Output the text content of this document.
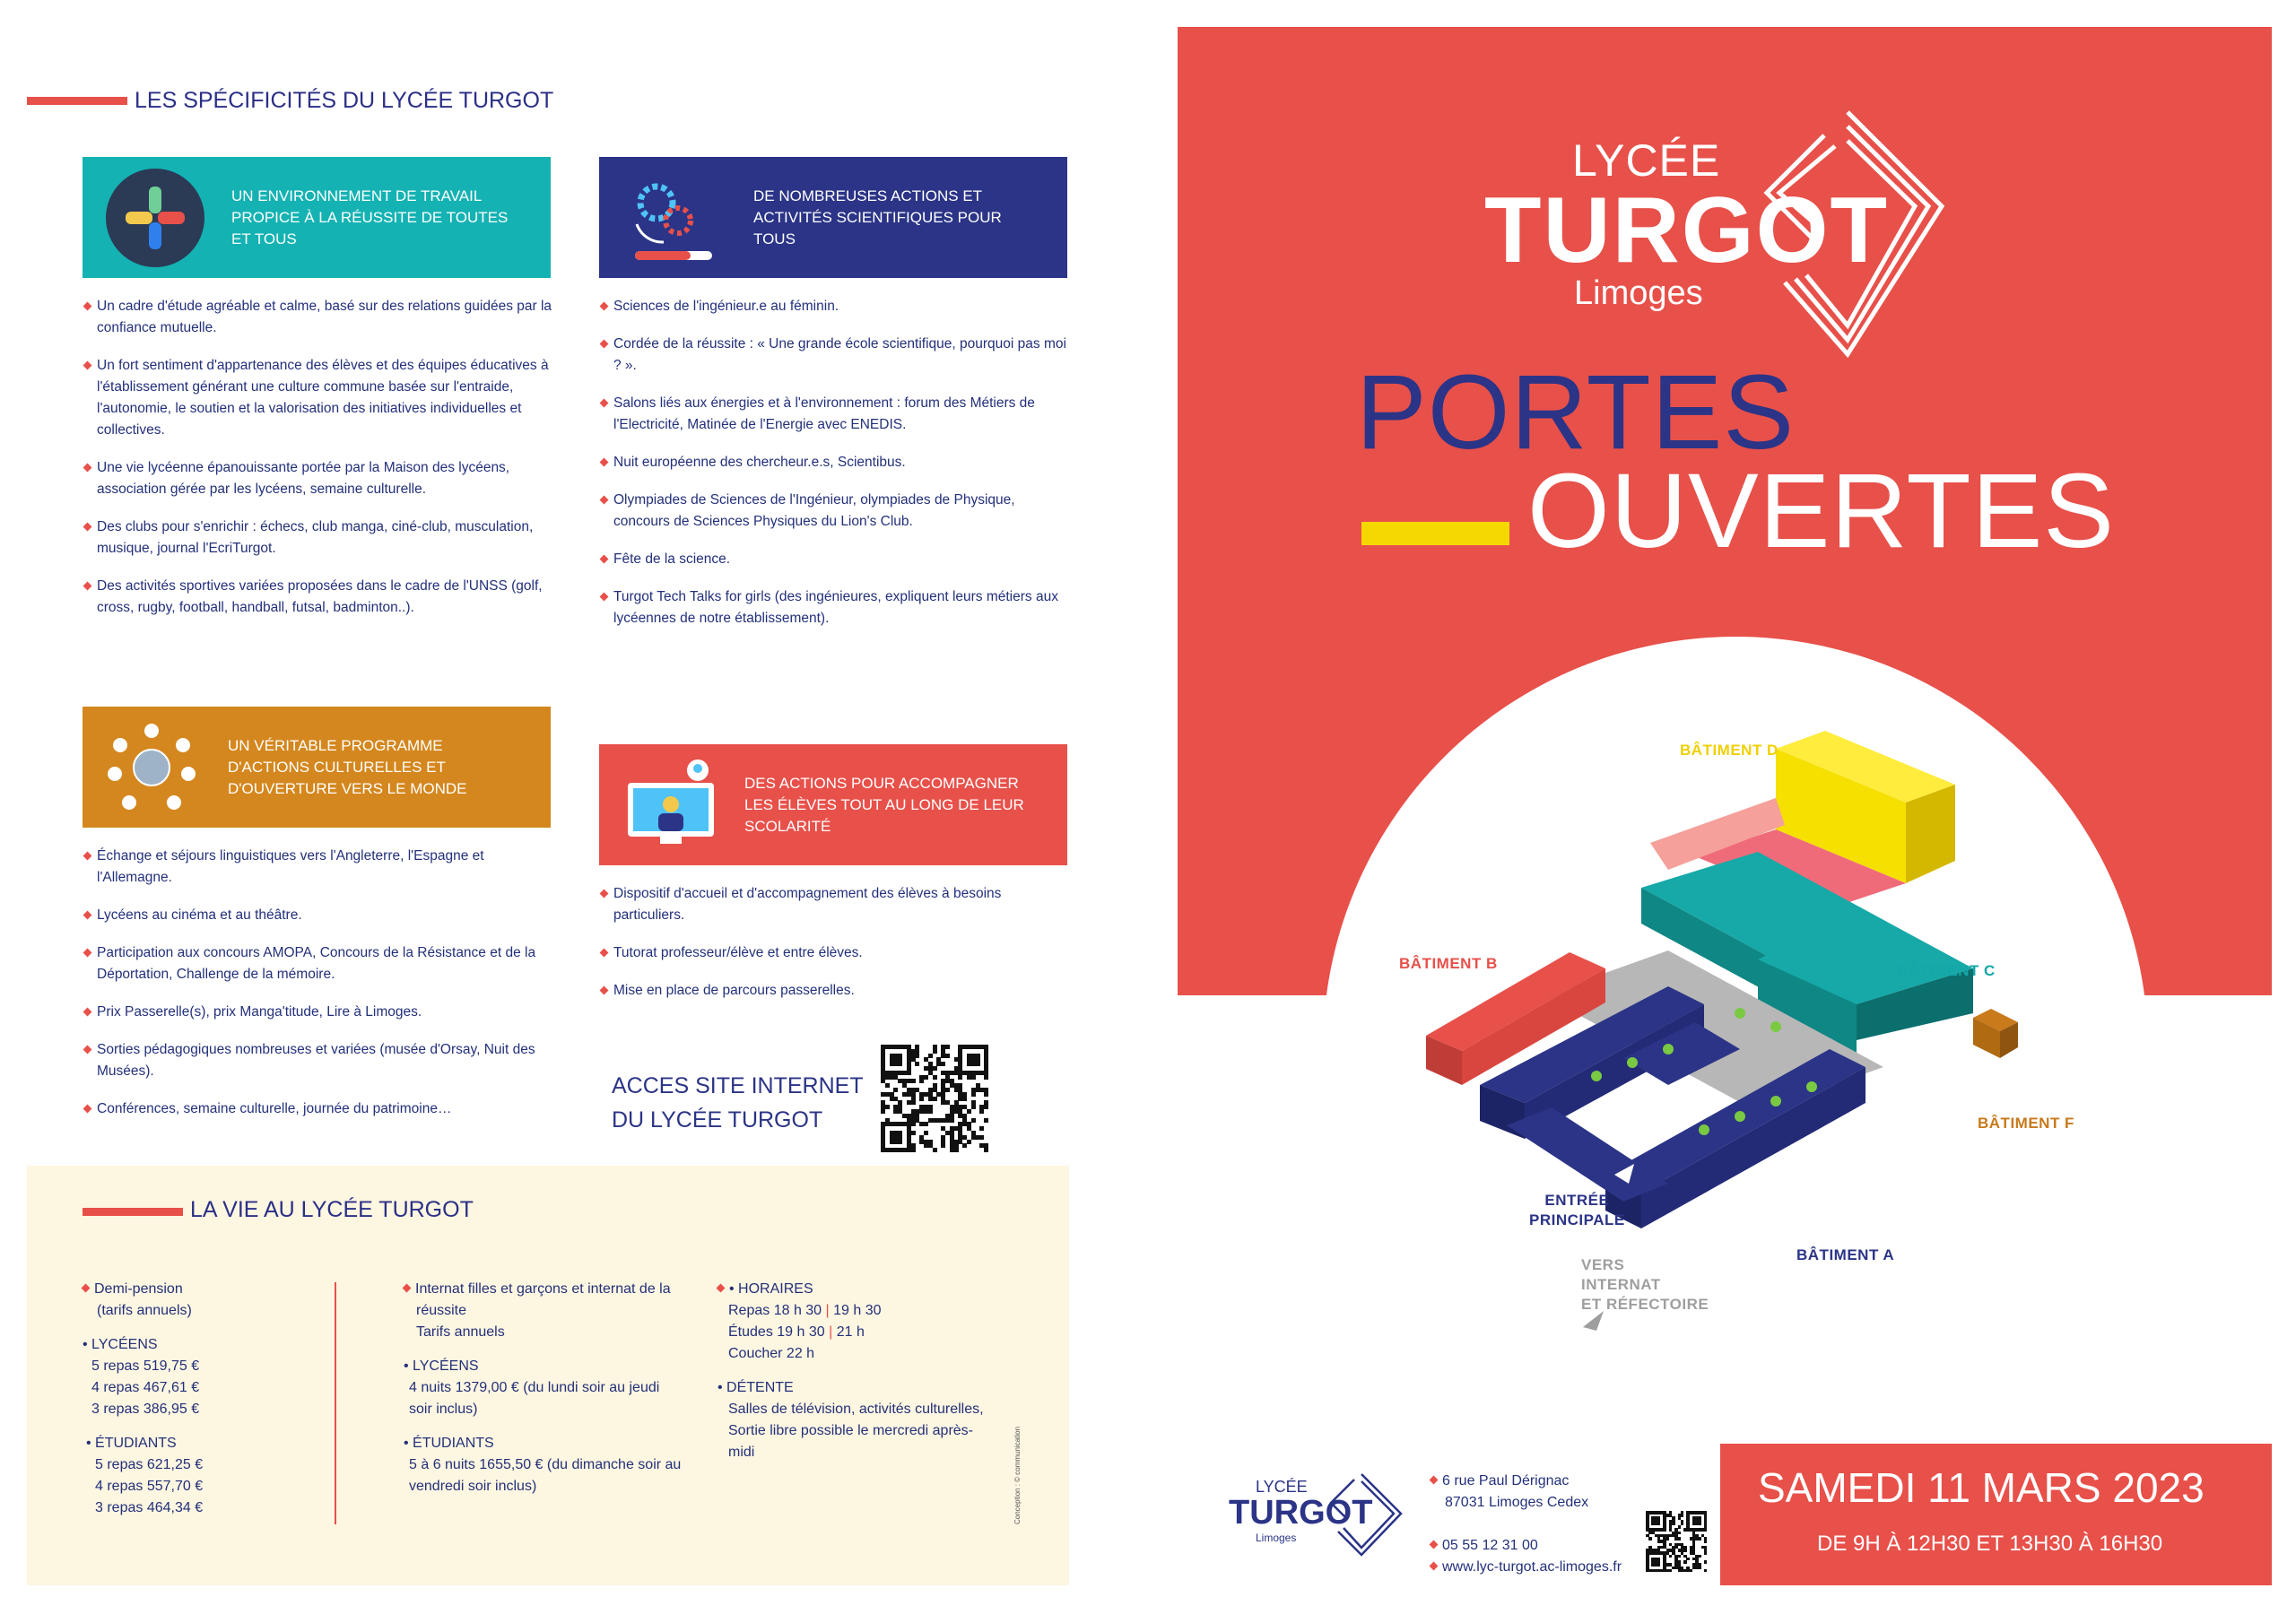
LES SPÉCIFICITÉS DU LYCÉE TURGOT
UN ENVIRONNEMENT DE TRAVAIL
PROPICE À LA RÉUSSITE DE TOUTES
ET TOUS
Un cadre d'étude agréable et calme, basé sur des relations guidées par la confiance mutuelle.
Un fort sentiment d'appartenance des élèves et des équipes éducatives à l'établissement générant une culture commune basée sur l'entraide, l'autonomie, le soutien et la valorisation des initiatives individuelles et collectives.
Une vie lycéenne épanouissante portée par la Maison des lycéens, association gérée par les lycéens, semaine culturelle.
Des clubs pour s'enrichir : échecs, club manga, ciné-club, musculation, musique, journal l'EcriTurgot.
Des activités sportives variées proposées dans le cadre de l'UNSS (golf, cross, rugby, football, handball, futsal, badminton..).
DE NOMBREUSES ACTIONS ET
ACTIVITÉS SCIENTIFIQUES POUR
TOUS
Sciences de l'ingénieur.e au féminin.
Cordée de la réussite : « Une grande école scientifique, pourquoi pas moi ? ».
Salons liés aux énergies et à l'environnement : forum des Métiers de l'Electricité, Matinée de l'Energie avec ENEDIS.
Nuit européenne des chercheur.e.s, Scientibus.
Olympiades de Sciences de l'Ingénieur, olympiades de Physique, concours de Sciences Physiques du Lion's Club.
Fête de la science.
Turgot Tech Talks for girls (des ingénieures, expliquent leurs métiers aux lycéennes de notre établissement).
UN VÉRITABLE PROGRAMME
D'ACTIONS CULTURELLES ET
D'OUVERTURE VERS LE MONDE
Échange et séjours linguistiques vers l'Angleterre, l'Espagne et l'Allemagne.
Lycéens au cinéma et au théâtre.
Participation aux concours AMOPA, Concours de la Résistance et de la Déportation, Challenge de la mémoire.
Prix Passerelle(s), prix Manga'titude, Lire à Limoges.
Sorties pédagogiques nombreuses et variées (musée d'Orsay, Nuit des Musées).
Conférences, semaine culturelle, journée du patrimoine…
DES ACTIONS POUR ACCOMPAGNER
LES ÉLÈVES TOUT AU LONG DE LEUR
SCOLARITÉ
Dispositif d'accueil et d'accompagnement des élèves à besoins particuliers.
Tutorat professeur/élève et entre élèves.
Mise en place de parcours passerelles.
ACCES SITE INTERNET
DU LYCÉE TURGOT
LA VIE AU LYCÉE TURGOT

Demi-pension

(tarifs annuels)

• LYCÉENS

5 repas 519,75 €

4 repas 467,61 €

3 repas 386,95 €

• ÉTUDIANTS

5 repas 621,25 €

4 repas 557,70 €

3 repas 464,34 €

Internat filles et garçons et internat de la

réussite

Tarifs annuels

• LYCÉENS

4 nuits 1379,00 € (du lundi soir au jeudi

soir inclus)

• ÉTUDIANTS

5 à 6 nuits 1655,50 € (du dimanche soir au

vendredi soir inclus)

• HORAIRES

Repas 18 h 30 | 19 h 30

Études 19 h 30 | 21 h

Coucher 22 h

• DÉTENTE

Salles de télévision, activités culturelles,

Sortie libre possible le mercredi après-

midi	Conception : © communication
LYCÉE
TURGOT
Limoges
PORTES
OUVERTES
BÂTIMENT D
BÂTIMENT B	BÂTIMENT C
BÂTIMENT F
BÂTIMENT A
ENTRÉE
PRINCIPALE
VERS
INTERNAT
ET RÉFECTOIRE
LYCÉE
TURGOT
Limoges

6 rue Paul Dérignac

87031 Limoges Cedex

05 55 12 31 00

www.lyc-turgot.ac-limoges.fr

SAMEDI 11 MARS 2023
DE 9H À 12H30 ET 13H30 À 16H30
